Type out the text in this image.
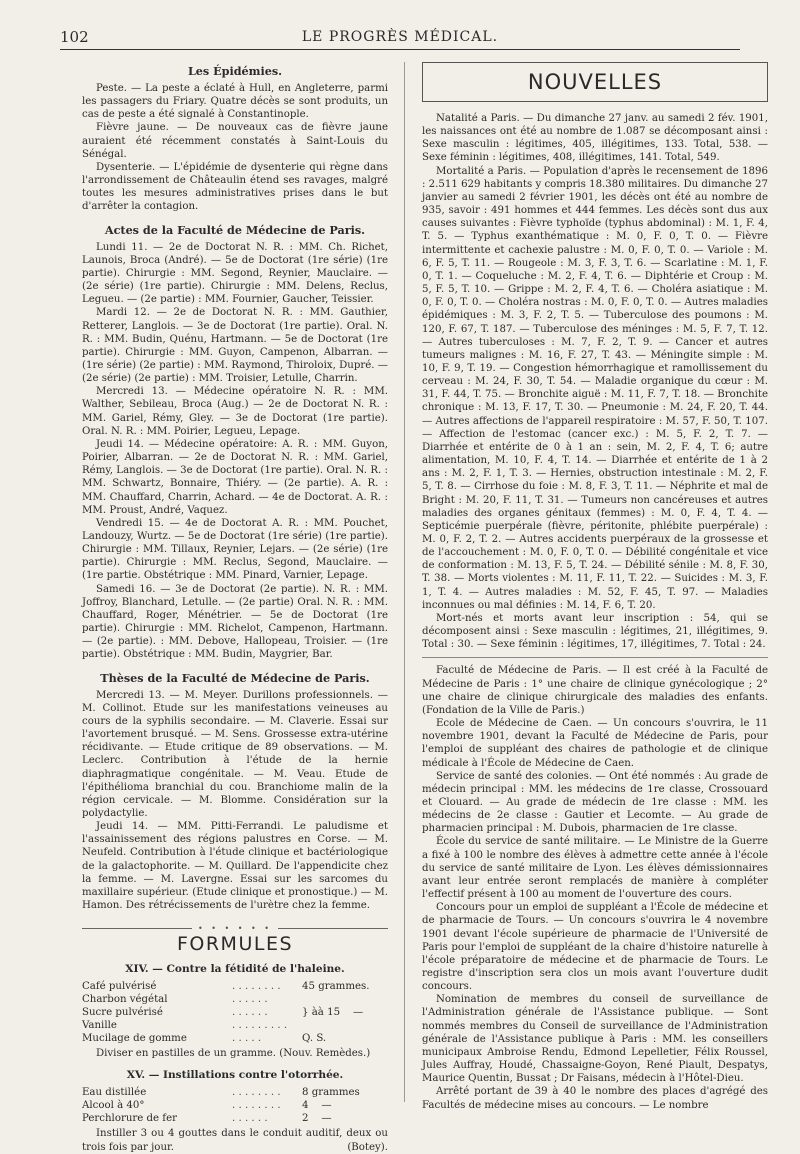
102	LE PROGRÈS MÉDICAL.
Les Épidémies.

Peste. — La peste a éclaté à Hull, en Angleterre, parmi les passagers du Friary. Quatre décès se sont produits, un cas de peste a été signalé à Constantinople.

Fièvre jaune. — De nouveaux cas de fièvre jaune auraient été récemment constatés à Saint-Louis du Sénégal.

Dysenterie. — L'épidémie de dysenterie qui règne dans l'arrondissement de Châteaulin étend ses ravages, malgré toutes les mesures administratives prises dans le but d'arrêter la contagion.

Actes de la Faculté de Médecine de Paris.

Lundi 11. — 2e de Doctorat N. R. : MM. Ch. Richet, Launois, Broca (André). — 5e de Doctorat (1re série) (1re partie). Chirurgie : MM. Segond, Reynier, Mauclaire. — (2e série) (1re partie). Chirurgie : MM. Delens, Reclus, Legueu. — (2e partie) : MM. Fournier, Gaucher, Teissier.

Mardi 12. — 2e de Doctorat N. R. : MM. Gauthier, Retterer, Langlois. — 3e de Doctorat (1re partie). Oral. N. R. : MM. Budin, Quénu, Hartmann. — 5e de Doctorat (1re partie). Chirurgie : MM. Guyon, Campenon, Albarran. — (1re série) (2e partie) : MM. Raymond, Thiroloix, Dupré. — (2e série) (2e partie) : MM. Troisier, Letulle, Charrin.

Mercredi 13. — Médecine opératoire N. R. : MM. Walther, Sebileau, Broca (Aug.) — 2e de Doctorat N. R. : MM. Gariel, Rémy, Gley. — 3e de Doctorat (1re partie). Oral. N. R. : MM. Poirier, Legueu, Lepage.

Jeudi 14. — Médecine opératoire: A. R. : MM. Guyon, Poirier, Albarran. — 2e de Doctorat N. R. : MM. Gariel, Rémy, Langlois. — 3e de Doctorat (1re partie). Oral. N. R. : MM. Schwartz, Bonnaire, Thiéry. — (2e partie). A. R. : MM. Chauffard, Charrin, Achard. — 4e de Doctorat. A. R. : MM. Proust, André, Vaquez.

Vendredi 15. — 4e de Doctorat A. R. : MM. Pouchet, Landouzy, Wurtz. — 5e de Doctorat (1re série) (1re partie). Chirurgie : MM. Tillaux, Reynier, Lejars. — (2e série) (1re partie). Chirurgie : MM. Reclus, Segond, Mauclaire. — (1re partie. Obstétrique : MM. Pinard, Varnier, Lepage.

Samedi 16. — 3e de Doctorat (2e partie). N. R. : MM. Joffroy, Blanchard, Letulle. — (2e partie) Oral. N. R. : MM. Chauffard, Roger, Ménétrier. — 5e de Doctorat (1re partie). Chirurgie : MM. Richelot, Campenon, Hartmann. — (2e partie). : MM. Debove, Hallopeau, Troisier. — (1re partie). Obstétrique : MM. Budin, Maygrier, Bar.

Thèses de la Faculté de Médecine de Paris.

Mercredi 13. — M. Meyer. Durillons professionnels. — M. Collinot. Etude sur les manifestations veineuses au cours de la syphilis secondaire. — M. Claverie. Essai sur l'avortement brusqué. — M. Sens. Grossesse extra-utérine récidivante. — Etude critique de 89 observations. — M. Leclerc. Contribution à l'étude de la hernie diaphragmatique congénitale. — M. Veau. Etude de l'épithélioma branchial du cou. Branchiome malin de la région cervicale. — M. Blomme. Considération sur la polydactylie.

Jeudi 14. — MM. Pitti-Ferrandi. Le paludisme et l'assainissement des régions palustres en Corse. — M. Neufeld. Contribution à l'étude clinique et bactériologique de la galactophorite. — M. Quillard. De l'appendicite chez la femme. — M. Lavergne. Essai sur les sarcomes du maxillaire supérieur. (Etude clinique et pronostique.) — M. Hamon. Des rétrécissements de l'urètre chez la femme.

• • • • • •
FORMULES
XIV. — Contre la fétidité de l'haleine.
Café pulvérisé	. . . . . . . .	45 grammes.
Charbon végétal	. . . . . .
Sucre pulvérisé	. . . . . .	} àà 15    —
Vanille	. . . . . . . . .
Mucilage de gomme	. . . . .	Q. S.

Diviser en pastilles de un gramme. (Nouv. Remèdes.)

XV. — Instillations contre l'otorrhée.
Eau distillée	. . . . . . . .	8 grammes
Alcool à 40°	. . . . . . . .	4    —
Perchlorure de fer	. . . . . .	2    —

Instiller 3 ou 4 gouttes dans le conduit auditif, deux ou trois fois par jour.	(Botey).

NOUVELLES

Natalité a Paris. — Du dimanche 27 janv. au samedi 2 fév. 1901, les naissances ont été au nombre de 1.087 se décomposant ainsi : Sexe masculin : légitimes, 405, illégitimes, 133. Total, 538. — Sexe féminin : légitimes, 408, illégitimes, 141. Total, 549.

Mortalité a Paris. — Population d'après le recensement de 1896 : 2.511 629 habitants y compris 18.380 militaires. Du dimanche 27 janvier au samedi 2 février 1901, les décès ont été au nombre de 935, savoir : 491 hommes et 444 femmes. Les décès sont dus aux causes suivantes : Fièvre typhoïde (typhus abdominal) : M. 1, F. 4, T. 5. — Typhus exanthématique : M. 0, F. 0, T. 0. — Fièvre intermittente et cachexie palustre : M. 0, F. 0, T. 0. — Variole : M. 6, F. 5, T. 11. — Rougeole : M. 3, F. 3, T. 6. — Scarlatine : M. 1, F. 0, T. 1. — Coqueluche : M. 2, F. 4, T. 6. — Diphtérie et Croup : M. 5, F. 5, T. 10. — Grippe : M. 2, F. 4, T. 6. — Choléra asiatique : M. 0, F. 0, T. 0. — Choléra nostras : M. 0, F. 0, T. 0. — Autres maladies épidémiques : M. 3, F. 2, T. 5. — Tuberculose des poumons : M. 120, F. 67, T. 187. — Tuberculose des méninges : M. 5, F. 7, T. 12. — Autres tuberculoses : M. 7, F. 2, T. 9. — Cancer et autres tumeurs malignes : M. 16, F. 27, T. 43. — Méningite simple : M. 10, F. 9, T. 19. — Congestion hémorrhagique et ramollissement du cerveau : M. 24, F. 30, T. 54. — Maladie organique du cœur : M. 31, F. 44, T. 75. — Bronchite aiguë : M. 11, F. 7, T. 18. — Bronchite chronique : M. 13, F. 17, T. 30. — Pneumonie : M. 24, F. 20, T. 44. — Autres affections de l'appareil respiratoire : M. 57, F. 50, T. 107. — Affection de l'estomac (cancer exc.) : M. 5, F. 2, T. 7. — Diarrhée et entérite de 0 à 1 an : sein, M. 2, F. 4, T. 6; autre alimentation, M. 10, F. 4, T. 14. — Diarrhée et entérite de 1 à 2 ans : M. 2, F. 1, T. 3. — Hernies, obstruction intestinale : M. 2, F. 5, T. 8. — Cirrhose du foie : M. 8, F. 3, T. 11. — Néphrite et mal de Bright : M. 20, F. 11, T. 31. — Tumeurs non cancéreuses et autres maladies des organes génitaux (femmes) : M. 0, F. 4, T. 4. — Septicémie puerpérale (fièvre, péritonite, phlébite puerpérale) : M. 0, F. 2, T. 2. — Autres accidents puerpéraux de la grossesse et de l'accouchement : M. 0, F. 0, T. 0. — Débilité congénitale et vice de conformation : M. 13, F. 5, T. 24. — Débilité sénile : M. 8, F. 30, T. 38. — Morts violentes : M. 11, F. 11, T. 22. — Suicides : M. 3, F. 1, T. 4. — Autres maladies : M. 52, F. 45, T. 97. — Maladies inconnues ou mal définies : M. 14, F. 6, T. 20.

Mort-nés et morts avant leur inscription : 54, qui se décomposent ainsi : Sexe masculin : légitimes, 21, illégitimes, 9. Total : 30. — Sexe féminin : légitimes, 17, illégitimes, 7. Total : 24.

Faculté de Médecine de Paris. — Il est créé à la Faculté de Médecine de Paris : 1° une chaire de clinique gynécologique ; 2° une chaire de clinique chirurgicale des maladies des enfants. (Fondation de la Ville de Paris.)

Ecole de Médecine de Caen. — Un concours s'ouvrira, le 11 novembre 1901, devant la Faculté de Médecine de Paris, pour l'emploi de suppléant des chaires de pathologie et de clinique médicale à l'École de Médecine de Caen.

Service de santé des colonies. — Ont été nommés : Au grade de médecin principal : MM. les médecins de 1re classe, Crossouard et Clouard. — Au grade de médecin de 1re classe : MM. les médecins de 2e classe : Gautier et Lecomte. — Au grade de pharmacien principal : M. Dubois, pharmacien de 1re classe.

École du service de santé militaire. — Le Ministre de la Guerre a fixé à 100 le nombre des élèves à admettre cette année à l'école du service de santé militaire de Lyon. Les élèves démissionnaires avant leur entrée seront remplacés de manière à compléter l'effectif présent à 100 au moment de l'ouverture des cours.

Concours pour un emploi de suppléant a l'École de médecine et de pharmacie de Tours. — Un concours s'ouvrira le 4 novembre 1901 devant l'école supérieure de pharmacie de l'Université de Paris pour l'emploi de suppléant de la chaire d'histoire naturelle à l'école préparatoire de médecine et de pharmacie de Tours. Le registre d'inscription sera clos un mois avant l'ouverture dudit concours.

Nomination de membres du conseil de surveillance de l'Administration générale de l'Assistance publique. — Sont nommés membres du Conseil de surveillance de l'Administration générale de l'Assistance publique à Paris : MM. les conseillers municipaux Ambroise Rendu, Edmond Lepelletier, Félix Roussel, Jules Auffray, Houdé, Chassaigne-Goyon, René Piault, Despatys, Maurice Quentin, Bussat ; Dr Faisans, médecin à l'Hôtel-Dieu.

Arrêté portant de 39 à 40 le nombre des places d'agrégé des Facultés de médecine mises au concours. — Le nombre
